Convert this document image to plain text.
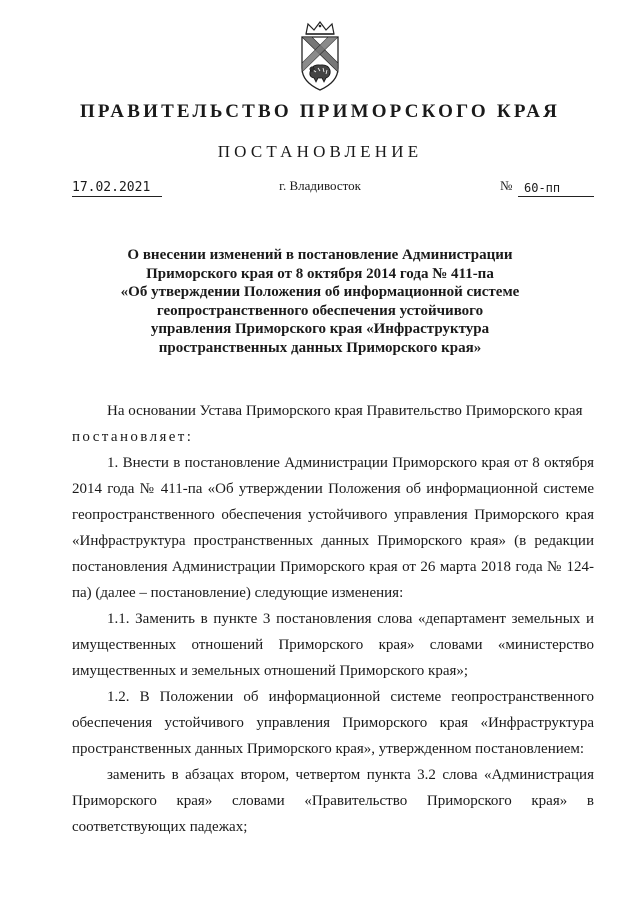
ПРАВИТЕЛЬСТВО ПРИМОРСКОГО КРАЯ
ПОСТАНОВЛЕНИЕ
17.02.2021	г. Владивосток	№ 60-пп
О внесении изменений в постановление Администрации
Приморского края от 8 октября 2014 года № 411-па
«Об утверждении Положения об информационной системе
геопространственного обеспечения устойчивого
управления Приморского края «Инфраструктура
пространственных данных Приморского края»

На основании Устава Приморского края Правительство Приморского края

постановляет:

1. Внести в постановление Администрации Приморского края от 8 октября 2014 года № 411-па «Об утверждении Положения об информационной системе геопространственного обеспечения устойчивого управления Приморского края «Инфраструктура пространственных данных Приморского края» (в редакции постановления Администрации Приморского края от 26 марта 2018 года № 124-па) (далее – постановление) следующие изменения:

1.1. Заменить в пункте 3 постановления слова «департамент земельных и имущественных отношений Приморского края» словами «министерство имущественных и земельных отношений Приморского края»;

1.2. В Положении об информационной системе геопространственного обеспечения устойчивого управления Приморского края «Инфраструктура пространственных данных Приморского края», утвержденном постановлением:

заменить в абзацах втором, четвертом пункта 3.2 слова «Администрация Приморского края» словами «Правительство Приморского края» в соответствующих падежах;
